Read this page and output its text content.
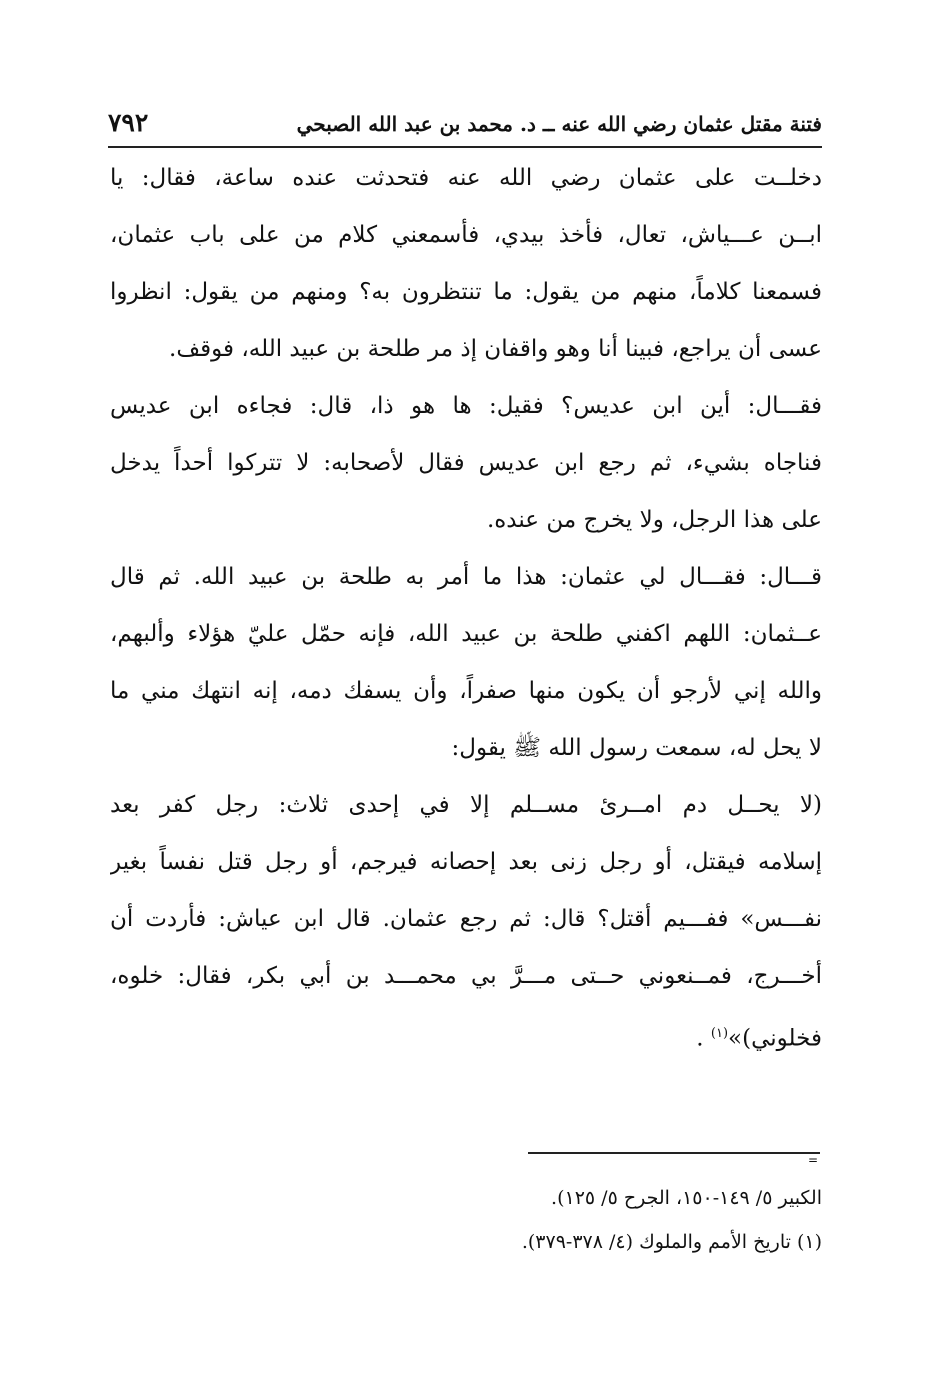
فتنة مقتل عثمان رضي الله عنه ــ د. محمد بن عبد الله الصبحي
٧٩٢
دخلــت على عثمان رضي الله عنه فتحدثت عنده ساعة، فقال: يا
ابــن عـــياش، تعال، فأخذ بيدي، فأسمعني كلام من على باب عثمان،
فسمعنا كلاماً، منهم من يقول: ما تنتظرون به؟ ومنهم من يقول: انظروا
عسى أن يراجع، فبينا أنا وهو واقفان إذ مر طلحة بن عبيد الله، فوقف.
فقـــال: أين ابن عديس؟ فقيل: ها هو ذا، قال: فجاءه ابن عديس
فناجاه بشيء، ثم رجع ابن عديس فقال لأصحابه: لا تتركوا أحداً يدخل
على هذا الرجل، ولا يخرج من عنده.
قـــال: فقـــال لي عثمان: هذا ما أمر به طلحة بن عبيد الله. ثم قال
عــثمان: اللهم اكفني طلحة بن عبيد الله، فإنه حمّل عليّ هؤلاء وألبهم،
والله إني لأرجو أن يكون منها صفراً، وأن يسفك دمه، إنه انتهك مني ما
لا يحل له، سمعت رسول الله ﷺ يقول:
(لا يحــل دم امــرئ مســلم إلا في إحدى ثلاث: رجل كفر بعد
إسلامه فيقتل، أو رجل زنى بعد إحصانه فيرجم، أو رجل قتل نفساً بغير
نفـــس» ففـــيم أقتل؟ قال: ثم رجع عثمان. قال ابن عياش: فأردت أن
أخـــرج، فمــنعوني حــتى مـــرَّ بي محمـــد بن أبي بكر، فقال: خلوه،
فخلوني)»$^{(١)}$ .
=
الكبير ٥/ ١٤٩-١٥٠، الجرح ٥/ ١٢٥).
(١) تاريخ الأمم والملوك (٤/ ٣٧٨-٣٧٩).
